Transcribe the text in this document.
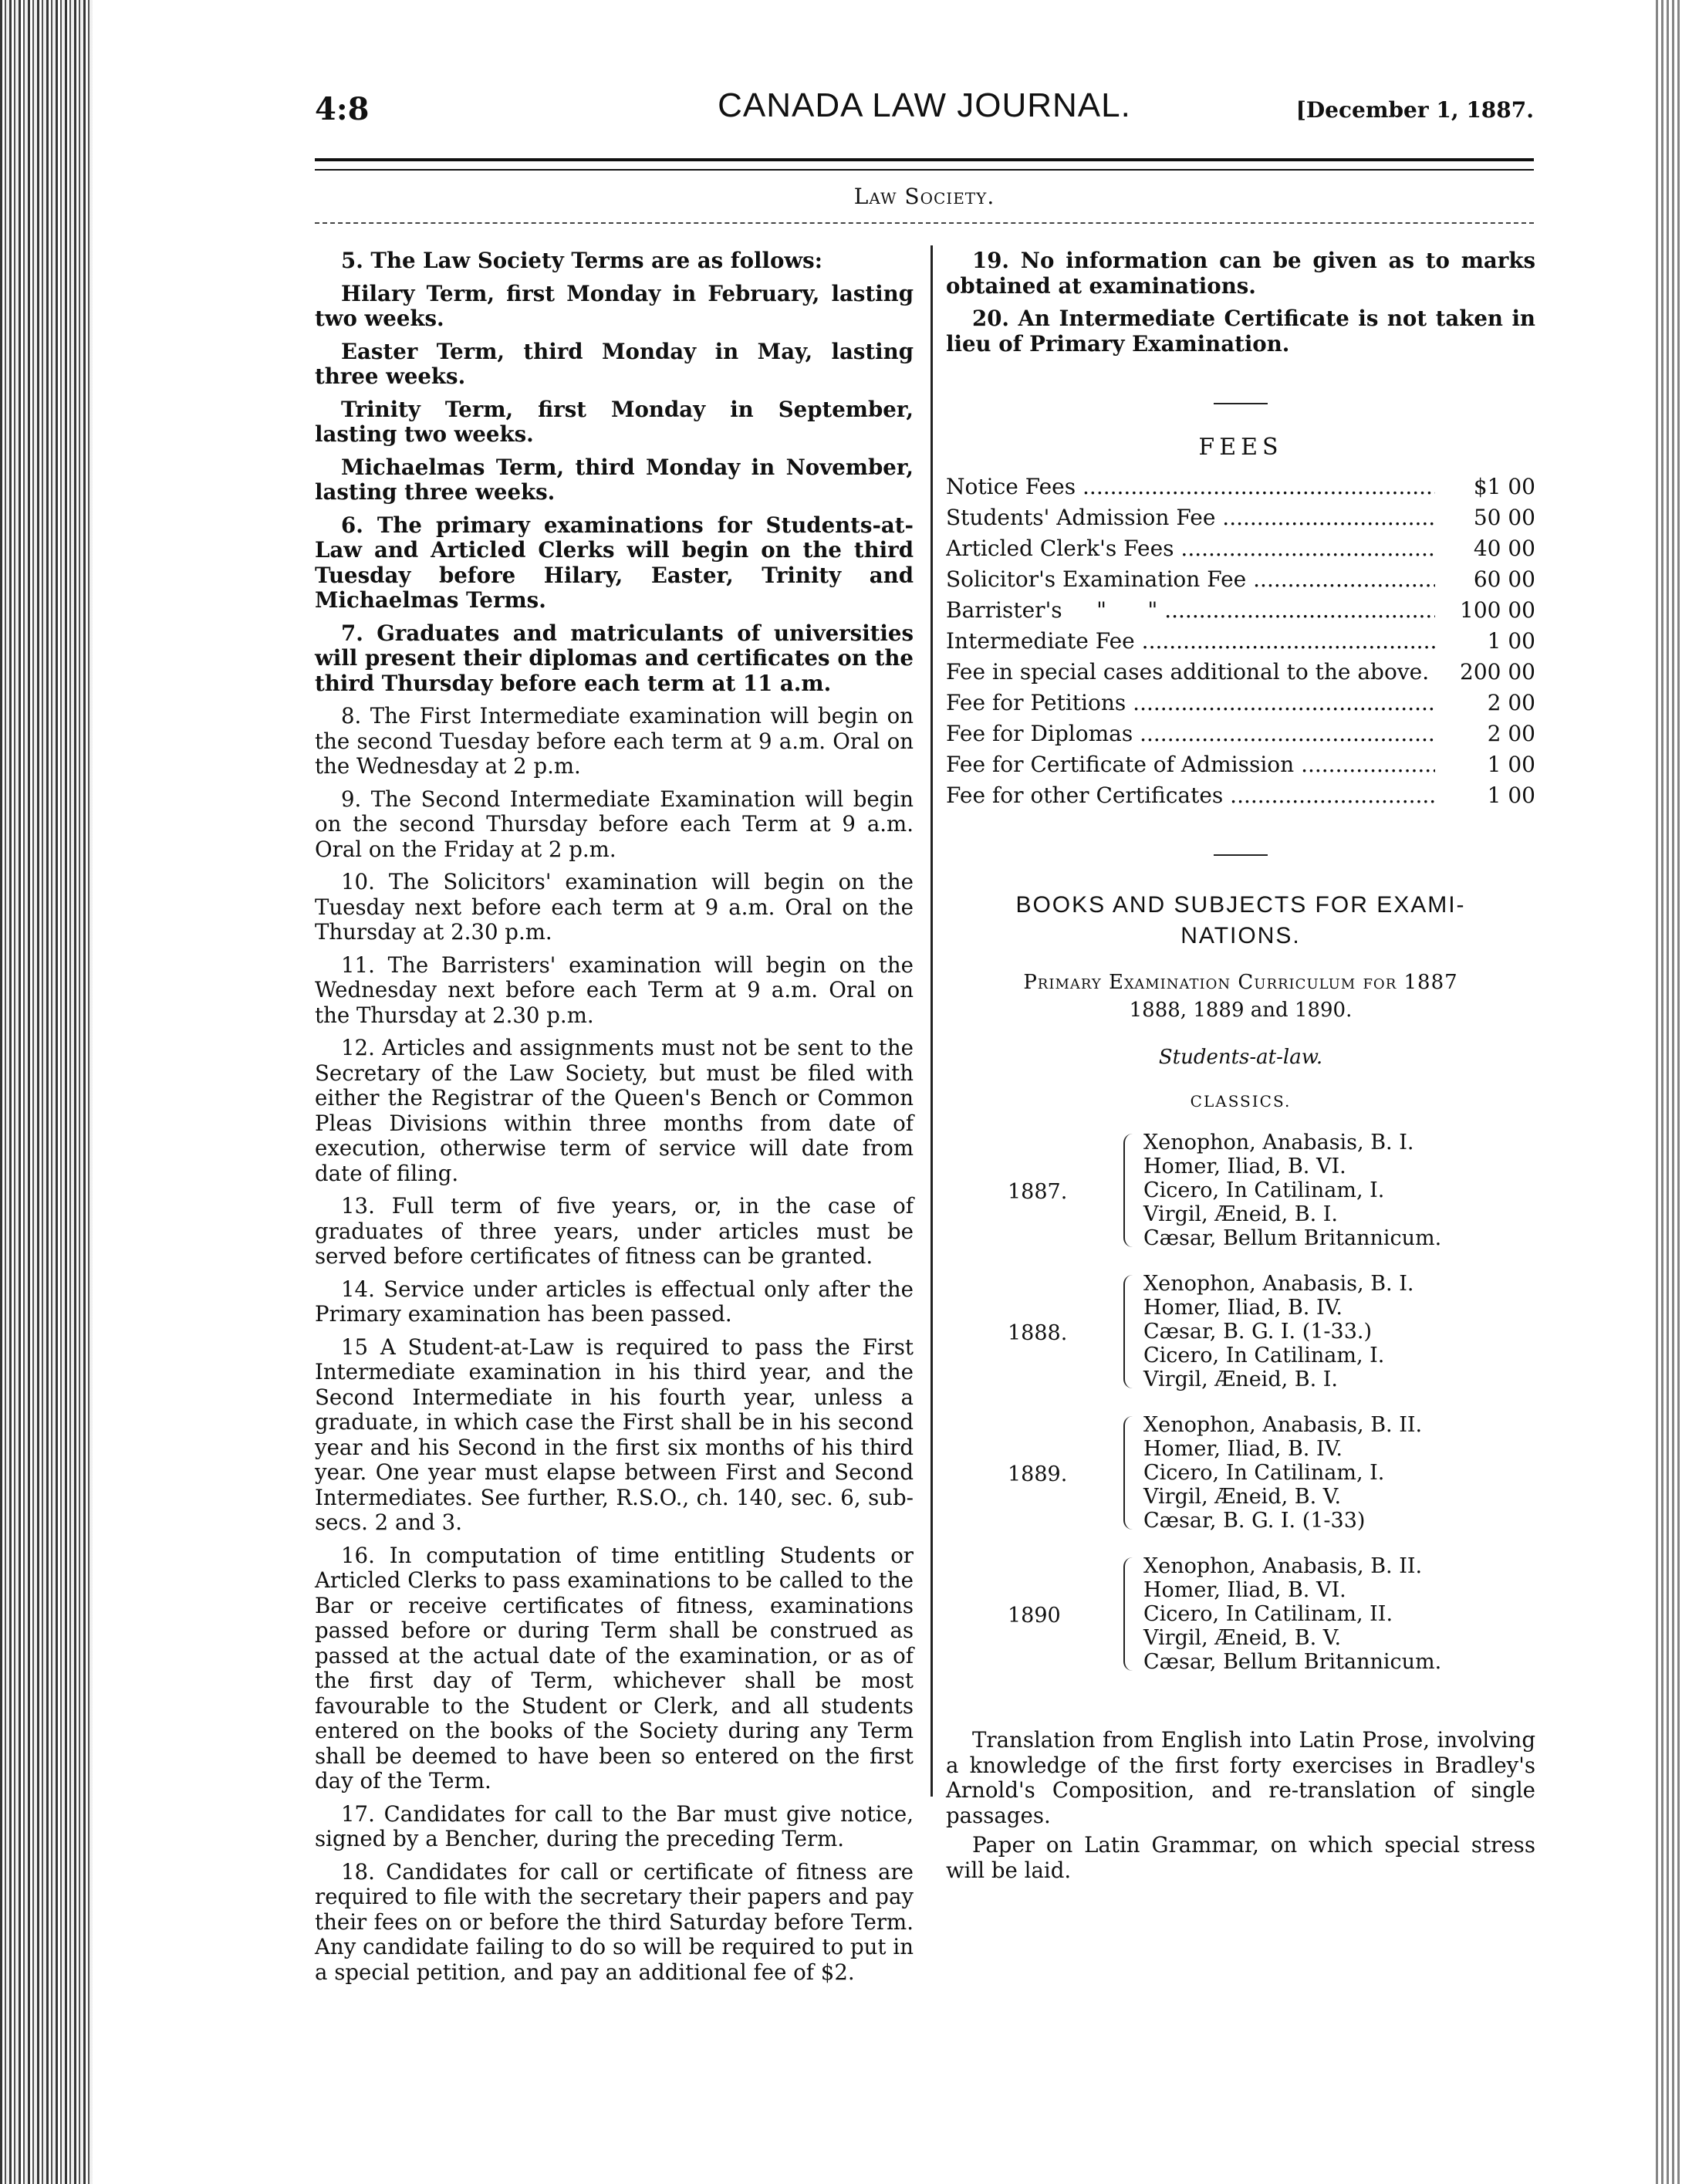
4:8	CANADA LAW JOURNAL.	[December 1, 1887.
Law Society.

5. The Law Society Terms are as follows:

Hilary Term, first Monday in February, lasting two weeks.

Easter Term, third Monday in May, lasting three weeks.

Trinity Term, first Monday in September, lasting two weeks.

Michaelmas Term, third Monday in November, lasting three weeks.

6. The primary examinations for Students-at-Law and Articled Clerks will begin on the third Tuesday before Hilary, Easter, Trinity and Michaelmas Terms.

7. Graduates and matriculants of universities will present their diplomas and certificates on the third Thursday before each term at 11 a.m.

8. The First Intermediate examination will begin on the second Tuesday before each term at 9 a.m. Oral on the Wednesday at 2 p.m.

9. The Second Intermediate Examination will begin on the second Thursday before each Term at 9 a.m. Oral on the Friday at 2 p.m.

10. The Solicitors' examination will begin on the Tuesday next before each term at 9 a.m. Oral on the Thursday at 2.30 p.m.

11. The Barristers' examination will begin on the Wednesday next before each Term at 9 a.m. Oral on the Thursday at 2.30 p.m.

12. Articles and assignments must not be sent to the Secretary of the Law Society, but must be filed with either the Registrar of the Queen's Bench or Common Pleas Divisions within three months from date of execution, otherwise term of service will date from date of filing.

13. Full term of five years, or, in the case of graduates of three years, under articles must be served before certificates of fitness can be granted.

14. Service under articles is effectual only after the Primary examination has been passed.

15 A Student-at-Law is required to pass the First Intermediate examination in his third year, and the Second Intermediate in his fourth year, unless a graduate, in which case the First shall be in his second year and his Second in the first six months of his third year. One year must elapse between First and Second Intermediates. See further, R.S.O., ch. 140, sec. 6, sub-secs. 2 and 3.

16. In computation of time entitling Students or Articled Clerks to pass examinations to be called to the Bar or receive certificates of fitness, examinations passed before or during Term shall be construed as passed at the actual date of the examination, or as of the first day of Term, whichever shall be most favourable to the Student or Clerk, and all students entered on the books of the Society during any Term shall be deemed to have been so entered on the first day of the Term.

17. Candidates for call to the Bar must give notice, signed by a Bencher, during the preceding Term.

18. Candidates for call or certificate of fitness are required to file with the secretary their papers and pay their fees on or before the third Saturday before Term. Any candidate failing to do so will be required to put in a special petition, and pay an additional fee of $2.

19. No information can be given as to marks obtained at examinations.

20. An Intermediate Certificate is not taken in lieu of Primary Examination.

FEES
Notice Fees .....	$1 00
Students' Admission Fee .....	50 00
Articled Clerk's Fees .....	40 00
Solicitor's Examination Fee .....	60 00
Barrister's     "      " .....	100 00
Intermediate Fee .....	1 00
Fee in special cases additional to the above. .....	200 00
Fee for Petitions .....	2 00
Fee for Diplomas .....	2 00
Fee for Certificate of Admission .....	1 00
Fee for other Certificates .....	1 00
BOOKS AND SUBJECTS FOR EXAMI-
NATIONS.
Primary Examination Curriculum for 1887
1888, 1889 and 1890.
Students-at-law.
CLASSICS.
1887.
Xenophon, Anabasis, B. I.
Homer, Iliad, B. VI.
Cicero, In Catilinam, I.
Virgil, Æneid, B. I.
Cæsar, Bellum Britannicum.
1888.
Xenophon, Anabasis, B. I.
Homer, Iliad, B. IV.
Cæsar, B. G. I. (1-33.)
Cicero, In Catilinam, I.
Virgil, Æneid, B. I.
1889.
Xenophon, Anabasis, B. II.
Homer, Iliad, B. IV.
Cicero, In Catilinam, I.
Virgil, Æneid, B. V.
Cæsar, B. G. I. (1-33)
1890
Xenophon, Anabasis, B. II.
Homer, Iliad, B. VI.
Cicero, In Catilinam, II.
Virgil, Æneid, B. V.
Cæsar, Bellum Britannicum.

Translation from English into Latin Prose, involving a knowledge of the first forty exercises in Bradley's Arnold's Composition, and re-translation of single passages.

Paper on Latin Grammar, on which special stress will be laid.
